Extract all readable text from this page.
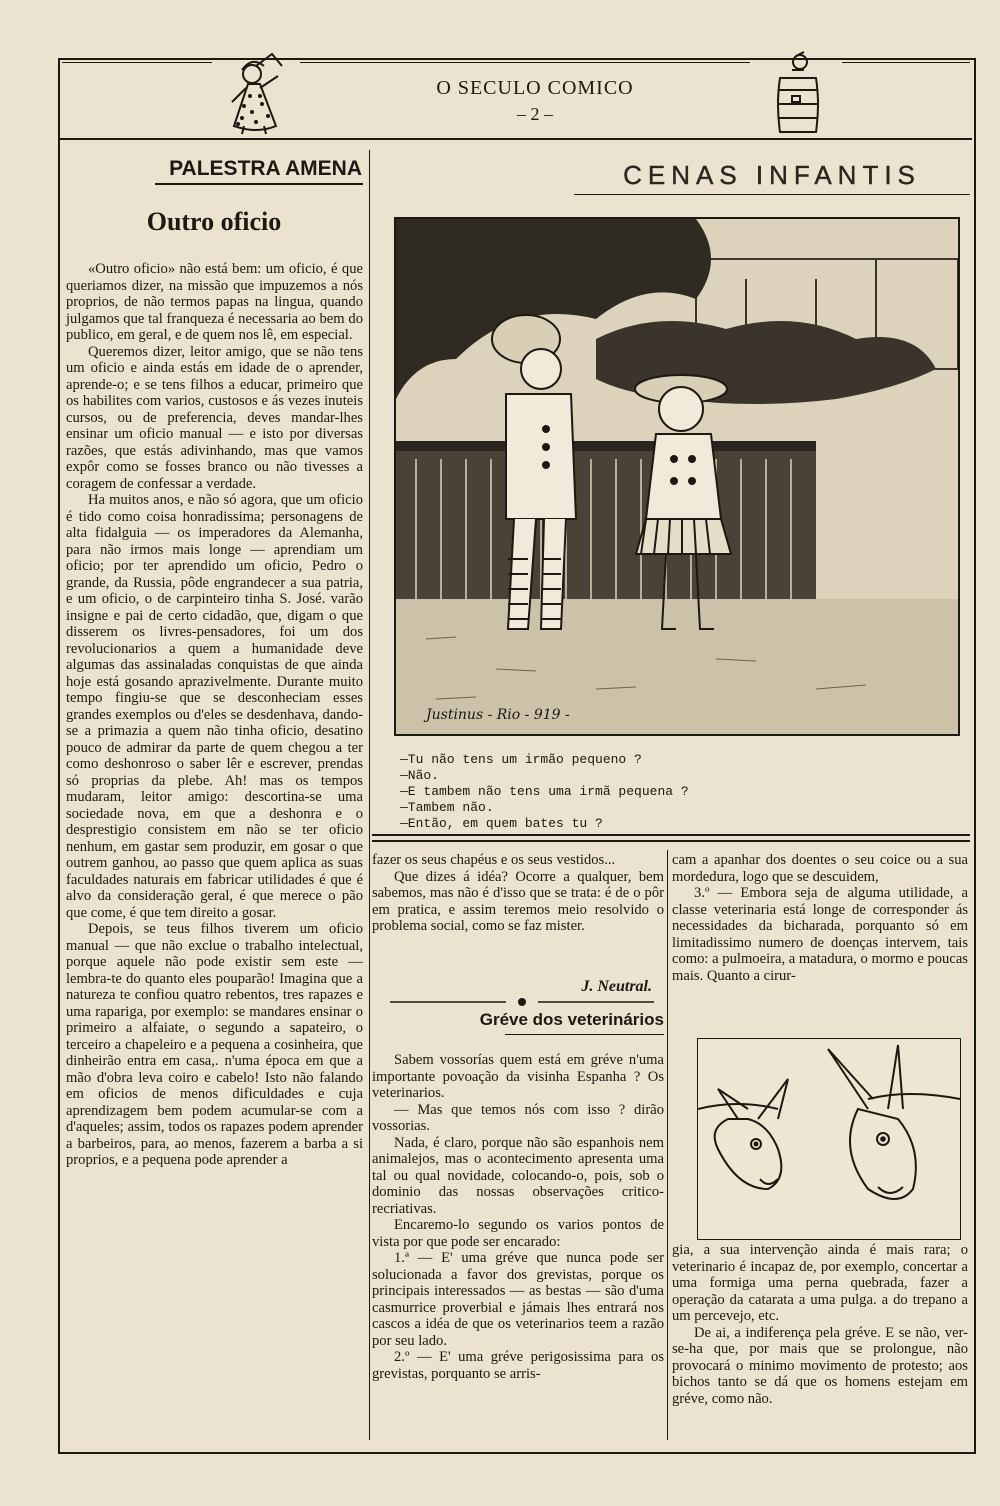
O SECULO COMICO
– 2 –
PALESTRA AMENA
Outro oficio

«Outro oficio» não está bem: um oficio, é que queriamos dizer, na missão que impuzemos a nós proprios, de não termos papas na lingua, quando julgamos que tal franqueza é necessaria ao bem do publico, em geral, e de quem nos lê, em especial.

Queremos dizer, leitor amigo, que se não tens um oficio e ainda estás em idade de o aprender, aprende-o; e se tens filhos a educar, primeiro que os habilites com varios, custosos e ás vezes inuteis cursos, ou de preferencia, deves mandar-lhes ensinar um oficio manual — e isto por diversas razões, que estás adivinhando, mas que vamos expôr como se fosses branco ou não tivesses a coragem de confessar a verdade.

Ha muitos anos, e não só agora, que um oficio é tido como coisa honradissima; personagens de alta fidalguia — os imperadores da Alemanha, para não irmos mais longe — aprendiam um oficio; por ter aprendido um oficio, Pedro o grande, da Russia, pôde engrandecer a sua patria, e um oficio, o de carpinteiro tinha S. José. varão insigne e pai de certo cidadão, que, digam o que disserem os livres-pensadores, foi um dos revolucionarios a quem a humanidade deve algumas das assinaladas conquistas de que ainda hoje está gosando aprazivelmente. Durante muito tempo fingiu-se que se desconheciam esses grandes exemplos ou d'eles se desdenhava, dando-se a primazia a quem não tinha oficio, desatino pouco de admirar da parte de quem chegou a ter como deshonroso o saber lêr e escrever, prendas só proprias da plebe. Ah! mas os tempos mudaram, leitor amigo: descortina-se uma sociedade nova, em que a deshonra e o desprestigio consistem em não se ter oficio nenhum, em gastar sem produzir, em gosar o que outrem ganhou, ao passo que quem aplica as suas faculdades naturais em fabricar utilidades é que é alvo da consideração geral, é que merece o pão que come, é que tem direito a gosar.

Depois, se teus filhos tiverem um oficio manual — que não exclue o trabalho intelectual, porque aquele não pode existir sem este — lembra-te do quanto eles pouparão! Imagina que a natureza te confiou quatro rebentos, tres rapazes e uma rapariga, por exemplo: se mandares ensinar o primeiro a alfaiate, o segundo a sapateiro, o terceiro a chapeleiro e a pequena a cosinheira, que dinheirão entra em casa,. n'uma época em que a mão d'obra leva coiro e cabelo! Isto não falando em oficios de menos dificuldades e cuja aprendizagem bem podem acumular-se com a d'aqueles; assim, todos os rapazes podem aprender a barbeiros, para, ao menos, fazerem a barba a si proprios, e a pequena pode aprender a

CENAS INFANTIS
Justinus - Rio - 919 -
—Tu não tens um irmão pequeno ?
—Não.
—E tambem não tens uma irmã pequena ?
—Tambem não.
—Então, em quem bates tu ?

fazer os seus chapéus e os seus vestidos...

Que dizes á idéa? Ocorre a qualquer, bem sabemos, mas não é d'isso que se trata: é de o pôr em pratica, e assim teremos meio resolvido o problema social, como se faz mister.

J. Neutral.
Gréve dos veterinários

Sabem vossorías quem está em gréve n'uma importante povoação da visinha Espanha ? Os veterinarios.

— Mas que temos nós com isso ? dirão vossorias.

Nada, é claro, porque não são espanhois nem animalejos, mas o acontecimento apresenta uma tal ou qual novidade, colocando-o, pois, sob o dominio das nossas observações critico-recriativas.

Encaremo-lo segundo os varios pontos de vista por que pode ser encarado:

1.ª — E' uma gréve que nunca pode ser solucionada a favor dos grevistas, porque os principais interessados — as bestas — são d'uma casmurrice proverbial e jámais lhes entrará nos cascos a idéa de que os veterinarios teem a razão por seu lado.

2.º — E' uma gréve perigosissima para os grevistas, porquanto se arris-

cam a apanhar dos doentes o seu coice ou a sua mordedura, logo que se descuidem,

3.º — Embora seja de alguma utilidade, a classe veterinaria está longe de corresponder ás necessidades da bicharada, porquanto só em limitadissimo numero de doenças intervem, tais como: a pulmoeira, a matadura, o mormo e poucas mais. Quanto a cirur-

gia, a sua intervenção ainda é mais rara; o veterinario é incapaz de, por exemplo, concertar a uma formiga uma perna quebrada, fazer a operação da catarata a uma pulga. a do trepano a um percevejo, etc.

De ai, a indiferença pela gréve. E se não, ver-se-ha que, por mais que se prolongue, não provocará o minimo movimento de protesto; aos bichos tanto se dá que os homens estejam em gréve, como não.
